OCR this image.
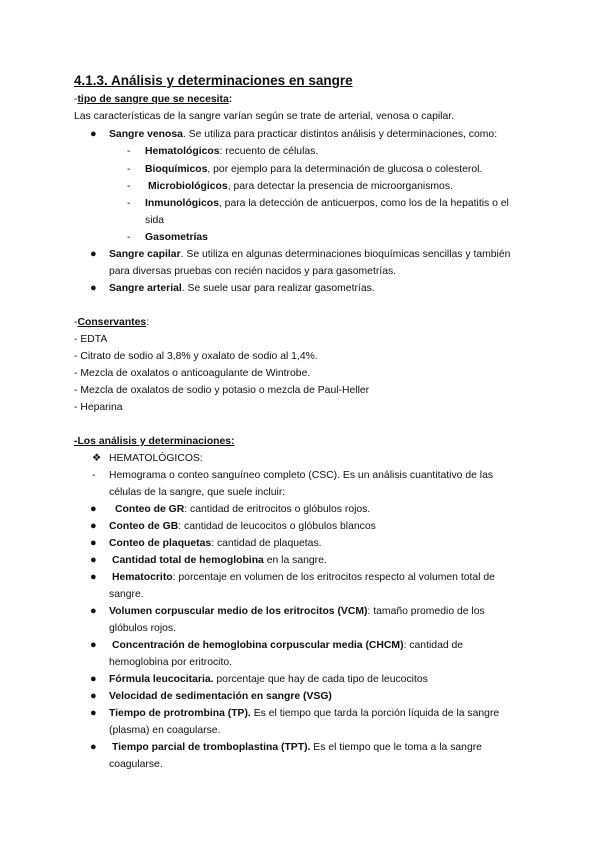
4.1.3. Análisis y determinaciones en sangre
-tipo de sangre que se necesita:
Las características de la sangre varían según se trate de arterial, venosa o capilar.
● Sangre venosa. Se utiliza para practicar distintos análisis y determinaciones, como:
- Hematológicos: recuento de células.
- Bioquímicos, por ejemplo para la determinación de glucosa o colesterol.
- Microbiológicos, para detectar la presencia de microorganismos.
- Inmunológicos, para la detección de anticuerpos, como los de la hepatitis o el
sida
- Gasometrías
● Sangre capilar. Se utiliza en algunas determinaciones bioquímicas sencillas y también
para diversas pruebas con recién nacidos y para gasometrías.
● Sangre arterial. Se suele usar para realizar gasometrías.
-Conservantes:
- EDTA
- Citrato de sodio al 3,8% y oxalato de sodio al 1,4%.
- Mezcla de oxalatos o anticoagulante de Wintrobe.
- Mezcla de oxalatos de sodio y potasio o mezcla de Paul-Heller
- Heparina
-Los análisis y determinaciones:
❖ HEMATOLÓGICOS:
- Hemograma o conteo sanguíneo completo (CSC). Es un análisis cuantitativo de las
células de la sangre, que suele incluir:
● Conteo de GR: cantidad de eritrocitos o glóbulos rojos.
● Conteo de GB: cantidad de leucocitos o glóbulos blancos
● Conteo de plaquetas: cantidad de plaquetas.
● Cantidad total de hemoglobina en la sangre.
● Hematocrito: porcentaje en volumen de los eritrocitos respecto al volumen total de
sangre.
● Volumen corpuscular medio de los eritrocitos (VCM): tamaño promedio de los
glóbulos rojos.
● Concentración de hemoglobina corpuscular media (CHCM): cantidad de
hemoglobina por eritrocito.
● Fórmula leucocitaria. porcentaje que hay de cada tipo de leucocitos
● Velocidad de sedimentación en sangre (VSG)
● Tiempo de protrombina (TP). Es el tiempo que tarda la porción líquida de la sangre
(plasma) en coagularse.
● Tiempo parcial de tromboplastina (TPT). Es el tiempo que le toma a la sangre
coagularse.
